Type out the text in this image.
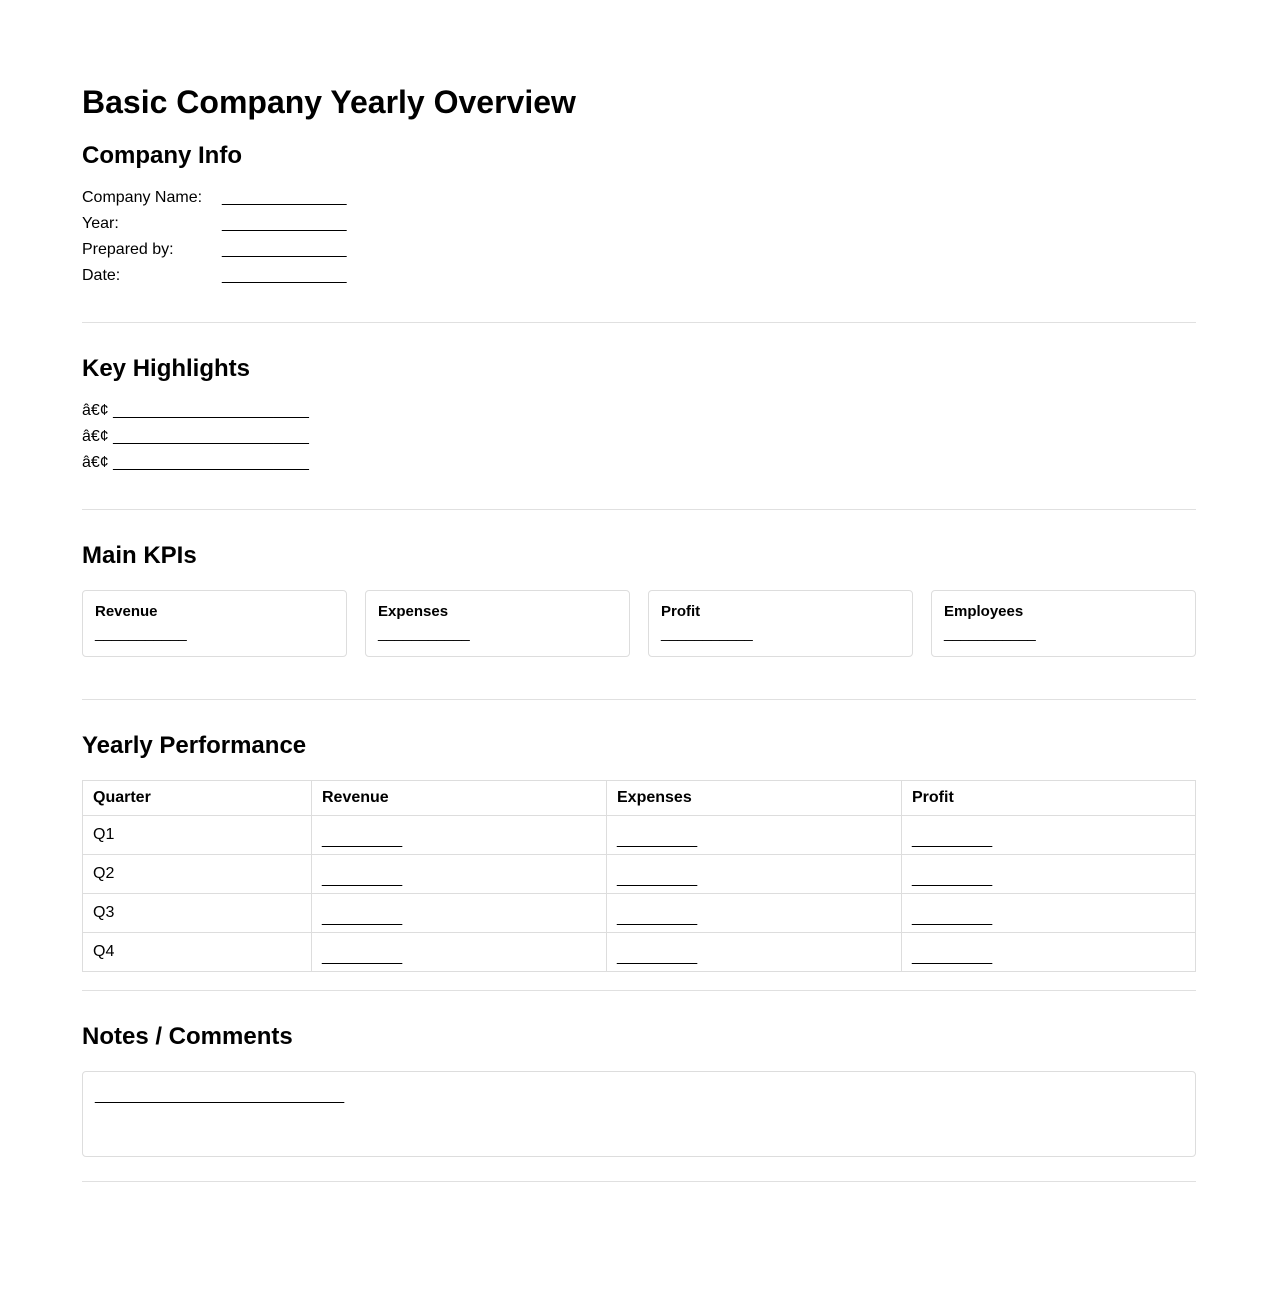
Basic Company Yearly Overview
Company Info
Company Name: ______________
Year:	______________
Prepared by:	______________
Date:	______________
Key Highlights
â€¢ ______________________
â€¢ ______________________
â€¢ ______________________
Main KPIs
Revenue
___________
Expenses
___________
Profit
___________
Employees
___________
Yearly Performance
Quarter	Revenue	Expenses	Profit
Q1	_________	_________	_________
Q2	_________	_________	_________
Q3	_________	_________	_________
Q4	_________	_________	_________
Notes / Comments
____________________________
